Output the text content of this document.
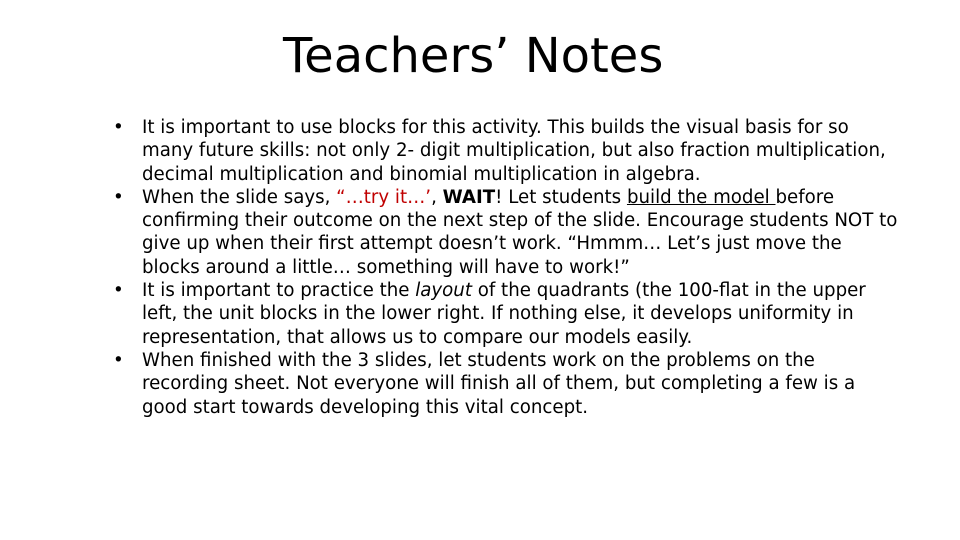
Teachers’ Notes
•	It is important to use blocks for this activity. This builds the visual basis for so many future skills: not only 2- digit multiplication, but also fraction multiplication, decimal multiplication and binomial multiplication in algebra.
•	When the slide says, “…try it…’, WAIT! Let students build the model before confirming their outcome on the next step of the slide. Encourage students NOT to give up when their first attempt doesn’t work. “Hmmm… Let’s just move the blocks around a little… something will have to work!”
•	It is important to practice the layout of the quadrants (the 100-flat in the upper left, the unit blocks in the lower right. If nothing else, it develops uniformity in representation, that allows us to compare our models easily.
•	When finished with the 3 slides, let students work on the problems on the recording sheet. Not everyone will finish all of them, but completing a few is a good start towards developing this vital concept.
